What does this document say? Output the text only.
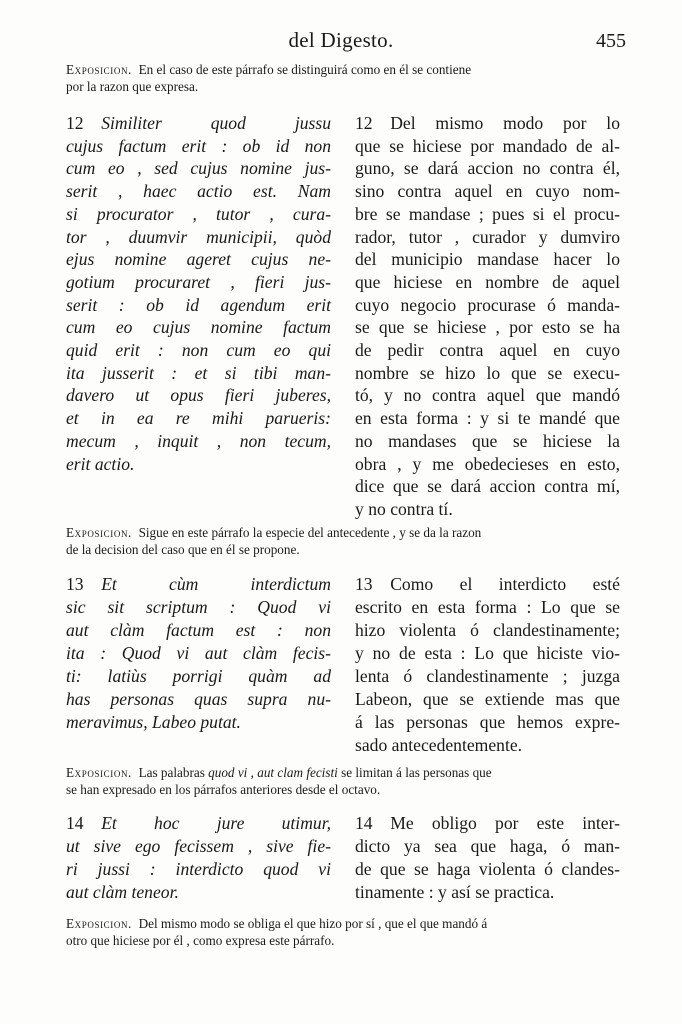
del Digesto.	455
Exposicion. En el caso de este párrafo se distinguirá como en él se contiene
por la razon que expresa.
12  Similiter quod jussu
cujus factum erit : ob id non
cum eo , sed cujus nomine jus-
serit , haec actio est. Nam
si procurator , tutor , cura-
tor , duumvir municipii, quòd
ejus nomine ageret cujus ne-
gotium procuraret , fieri jus-
serit : ob id agendum erit
cum eo cujus nomine factum
quid erit : non cum eo qui
ita jusserit : et si tibi man-
davero ut opus fieri juberes,
et in ea re mihi parueris:
mecum , inquit , non tecum,
erit actio.
12  Del mismo modo por lo
que se hiciese por mandado de al-
guno, se dará accion no contra él,
sino contra aquel en cuyo nom-
bre se mandase ; pues si el procu-
rador, tutor , curador y dumviro
del municipio mandase hacer lo
que hiciese en nombre de aquel
cuyo negocio procurase ó manda-
se que se hiciese , por esto se ha
de pedir contra aquel en cuyo
nombre se hizo lo que se execu-
tó, y no contra aquel que mandó
en esta forma : y si te mandé que
no mandases que se hiciese la
obra , y me obedecieses en esto,
dice que se dará accion contra mí,
y no contra tí.
Exposicion. Sigue en este párrafo la especie del antecedente , y se da la razon
de la decision del caso que en él se propone.
13  Et cùm interdictum
sic sit scriptum : Quod vi
aut clàm factum est : non
ita : Quod vi aut clàm fecis-
ti: latiùs porrigi quàm ad
has personas quas supra nu-
meravimus, Labeo putat.
13  Como el interdicto esté
escrito en esta forma : Lo que se
hizo violenta ó clandestinamente;
y no de esta : Lo que hiciste vio-
lenta ó clandestinamente ; juzga
Labeon, que se extiende mas que
á las personas que hemos expre-
sado antecedentemente.
Exposicion. Las palabras quod vi , aut clam fecisti se limitan á las personas que
se han expresado en los párrafos anteriores desde el octavo.
14  Et hoc jure utimur,
ut sive ego fecissem , sive fie-
ri jussi : interdicto quod vi
aut clàm teneor.
14  Me obligo por este inter-
dicto ya sea que haga, ó man-
de que se haga violenta ó clandes-
tinamente : y así se practica.
Exposicion. Del mismo modo se obliga el que hizo por sí , que el que mandó á
otro que hiciese por él , como expresa este párrafo.
